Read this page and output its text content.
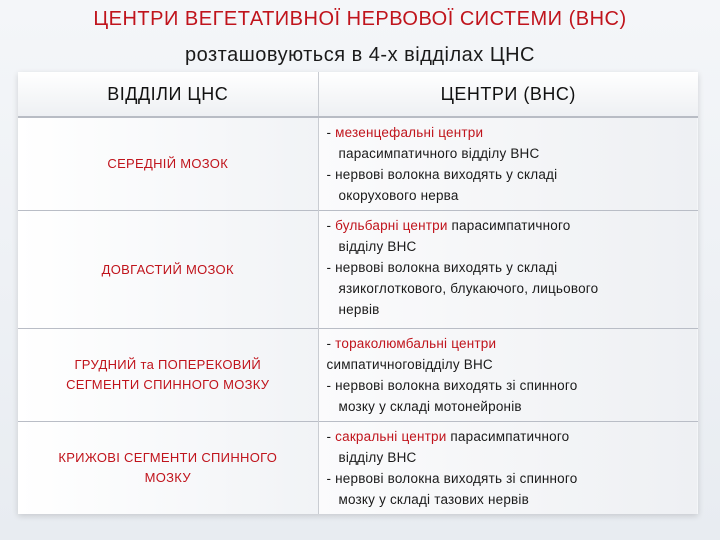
ЦЕНТРИ ВЕГЕТАТИВНОЇ НЕРВОВОЇ СИСТЕМИ (ВНС)
розташовуються в 4-х відділах ЦНС
ВІДДІЛИ ЦНС	ЦЕНТРИ (ВНС)

СЕРЕДНІЙ МОЗОК	- мезенцефальні центри
парасимпатичного відділу ВНС
- нервові волокна виходять у складі
окорухового нерва

ДОВГАСТИЙ МОЗОК	- бульбарні центри парасимпатичного
відділу ВНС
- нервові волокна виходять у складі
язикоглоткового, блукаючого, лицьового
нервів

ГРУДНИЙ та ПОПЕРЕКОВИЙ
СЕГМЕНТИ СПИННОГО МОЗКУ	- тораколюмбальні центри
симпатичноговідділу ВНС
- нервові волокна виходять зі спинного
мозку у складі мотонейронів

КРИЖОВІ СЕГМЕНТИ СПИННОГО
МОЗКУ	- сакральні центри парасимпатичного
відділу ВНС
- нервові волокна виходять зі спинного
мозку у складі тазових нервів
